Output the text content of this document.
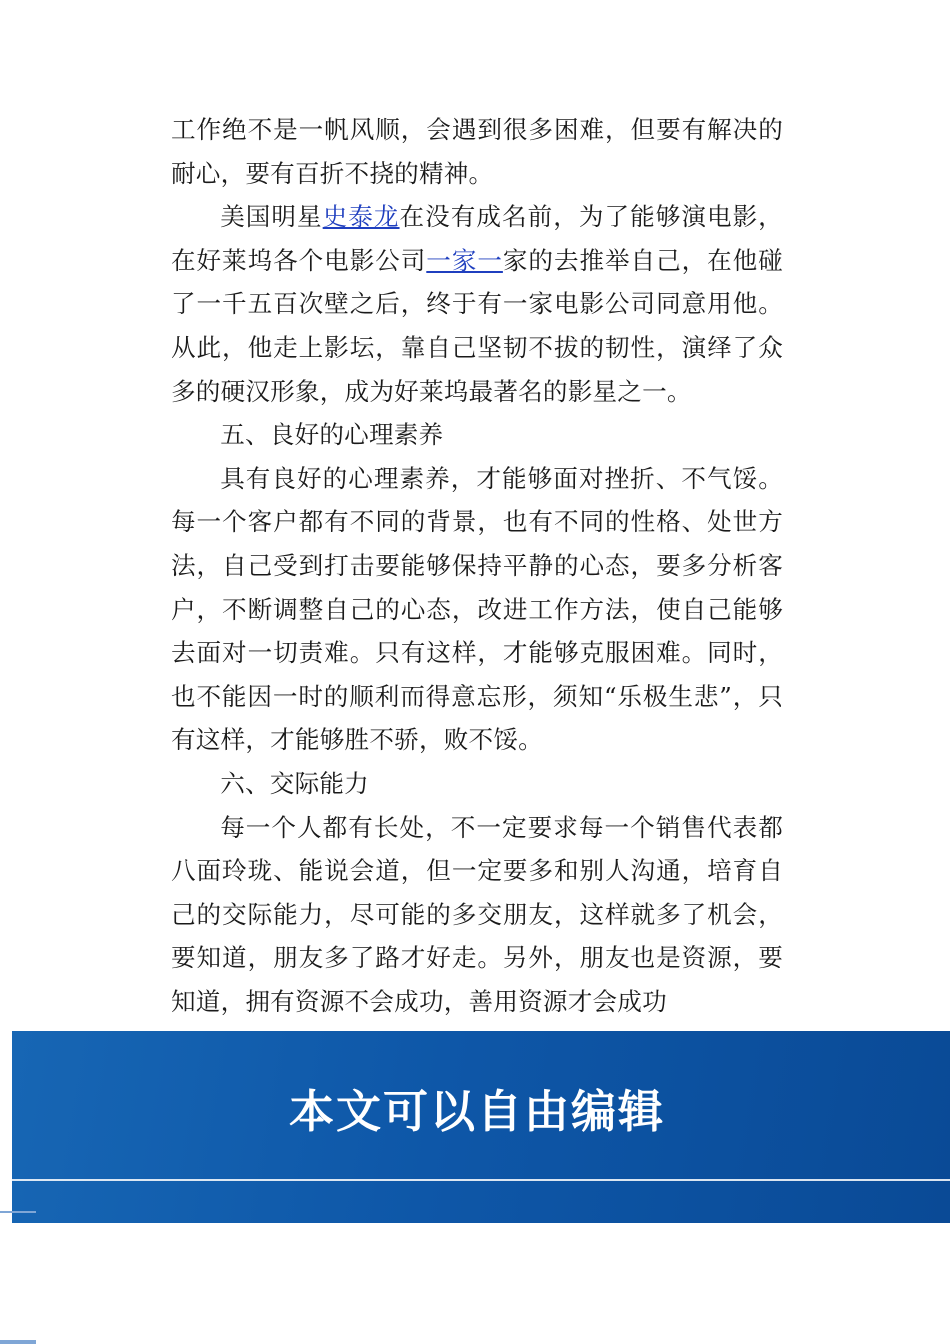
工作绝不是一帆风顺，会遇到很多困难，但要有解决的耐心，要有百折不挠的精神。

美国明星史泰龙在没有成名前，为了能够演电影，在好莱坞各个电影公司一家一家的去推举自己，在他碰了一千五百次壁之后，终于有一家电影公司同意用他。从此，他走上影坛，靠自己坚韧不拔的韧性，演绎了众多的硬汉形象，成为好莱坞最著名的影星之一。

五、良好的心理素养

具有良好的心理素养，才能够面对挫折、不气馁。每一个客户都有不同的背景，也有不同的性格、处世方法，自己受到打击要能够保持平静的心态，要多分析客户，不断调整自己的心态，改进工作方法，使自己能够去面对一切责难。只有这样，才能够克服困难。同时，也不能因一时的顺利而得意忘形，须知“乐极生悲”，只有这样，才能够胜不骄，败不馁。

六、交际能力

每一个人都有长处，不一定要求每一个销售代表都八面玲珑、能说会道，但一定要多和别人沟通，培育自己的交际能力，尽可能的多交朋友，这样就多了机会，要知道，朋友多了路才好走。另外，朋友也是资源，要知道，拥有资源不会成功，善用资源才会成功

本文可以自由编辑
